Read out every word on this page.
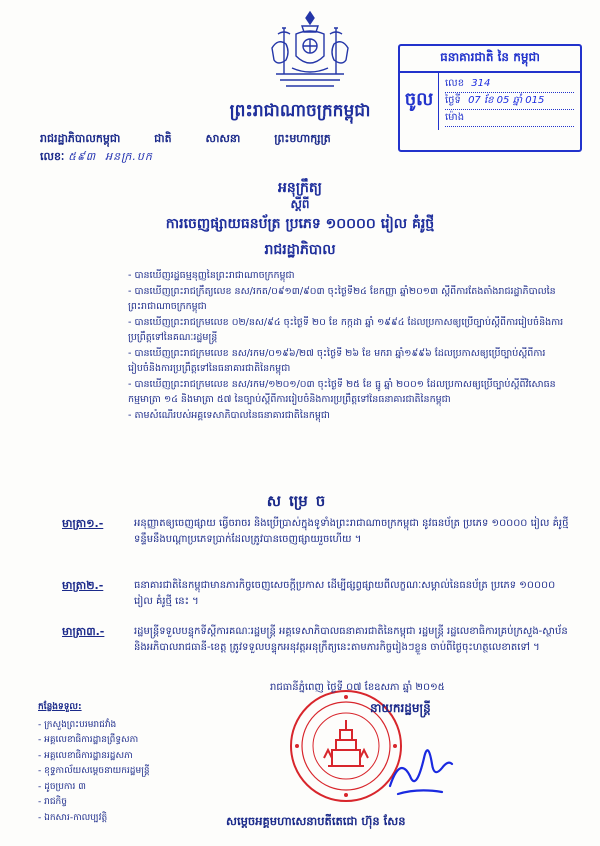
ព្រះរាជាណាចក្រកម្ពុជា
រាជរដ្ឋាភិបាលកម្ពុជា	ជាតិ	សាសនា	ព្រះមហាក្សត្រ
លេខៈ ៥៩៣ ​ អនក្រ.បក
ធនាគារជាតិ នៃ កម្ពុជា
ចូល
លេខ 314
ថ្ងៃទី 07 ខែ 05 ឆ្នាំ 015
ម៉ោង
អនុក្រឹត្យ
ស្តីពី
ការចេញផ្សាយធនប័ត្រ ប្រភេទ ១០០០០ រៀល គំរូថ្មី
រាជរដ្ឋាភិបាល
- បានឃើញរដ្ឋធម្មនុញ្ញនៃព្រះរាជាណាចក្រកម្ពុជា
- បានឃើញព្រះរាជក្រឹត្យលេខ នស/រកត/០៩១៣/៩០៣ ចុះថ្ងៃទី២៤ ខែកញ្ញា ឆ្នាំ២០១៣ ស្តីពីការតែងតាំងរាជរដ្ឋាភិបាលនៃព្រះរាជាណាចក្រកម្ពុជា
- បានឃើញព្រះរាជក្រមលេខ ០២/នស/៩៤ ចុះថ្ងៃទី ២០ ខែ កក្កដា ឆ្នាំ ១៩៩៤ ដែលប្រកាសឲ្យប្រើច្បាប់ស្តីពីការរៀបចំនិងការប្រព្រឹត្តទៅនៃគណៈរដ្ឋមន្ត្រី
- បានឃើញព្រះរាជក្រមលេខ នស/រកម/០១៩៦/២៧ ចុះថ្ងៃទី ២៦ ខែ មករា ឆ្នាំ១៩៩៦ ដែលប្រកាសឲ្យប្រើច្បាប់ស្តីពីការរៀបចំនិងការប្រព្រឹត្តទៅនៃធនាគារជាតិនៃកម្ពុជា
- បានឃើញព្រះរាជក្រមលេខ នស/រកម/១២០១/០៣ ចុះថ្ងៃទី ២៥ ខែ ធ្នូ ឆ្នាំ ២០០១ ដែលប្រកាសឲ្យប្រើច្បាប់ស្តីពីវិសោធនកម្មមាត្រា ១៤ និងមាត្រា ៥៧ នៃច្បាប់ស្តីពីការរៀបចំនិងការប្រព្រឹត្តទៅនៃធនាគារជាតិនៃកម្ពុជា
- តាមសំណើរបស់អគ្គទេសាភិបាលនៃធនាគារជាតិនៃកម្ពុជា
សម្រេច
មាត្រា១.-	អនុញ្ញាតឲ្យចេញផ្សាយ ធ្វើចរាចរ និងប្រើប្រាស់ក្នុងទូទាំងព្រះរាជាណាចក្រកម្ពុជា នូវធនប័ត្រ ប្រភេទ ១០០០០ រៀល គំរូថ្មី ទន្ទឹមនឹងបណ្តាប្រភេទប្រាក់ដែលត្រូវបានចេញផ្សាយរួចហើយ ។
មាត្រា២.-	ធនាគារជាតិនៃកម្ពុជាមានភារកិច្ចចេញសេចក្តីប្រកាស ដើម្បីផ្សព្វផ្សាយពីលក្ខណៈសម្គាល់នៃធនប័ត្រ ប្រភេទ ១០០០០ រៀល គំរូថ្មី នេះ ។
មាត្រា៣.-	រដ្ឋមន្ត្រីទទួលបន្ទុកទីស្តីការគណៈរដ្ឋមន្ត្រី អគ្គទេសាភិបាលធនាគារជាតិនៃកម្ពុជា រដ្ឋមន្ត្រី រដ្ឋលេខាធិការគ្រប់ក្រសួង-ស្ថាប័ន និងអភិបាលរាជធានី-ខេត្ត ត្រូវទទួលបន្ទុកអនុវត្តអនុក្រឹត្យនេះតាមភារកិច្ចរៀងៗខ្លួន ចាប់ពីថ្ងៃចុះហត្ថលេខាតទៅ ។
កន្លែងទទួល:
- ក្រសួងព្រះបរមរាជវាំង
- អគ្គលេខាធិការដ្ឋានព្រឹទ្ធសភា
- អគ្គលេខាធិការដ្ឋានរដ្ឋសភា
- ខុទ្ទកាល័យសម្តេចនាយករដ្ឋមន្ត្រី
- ដូចប្រការ ៣
- រាជកិច្ច
- ឯកសារ-កាលប្បវត្តិ
រាជធានីភ្នំពេញ ថ្ងៃទី ០៧ ខែឧសភា ឆ្នាំ ២០១៥
នាយករដ្ឋមន្ត្រី
សម្តេចអគ្គមហាសេនាបតីតេជោ ហ៊ុន សែន
